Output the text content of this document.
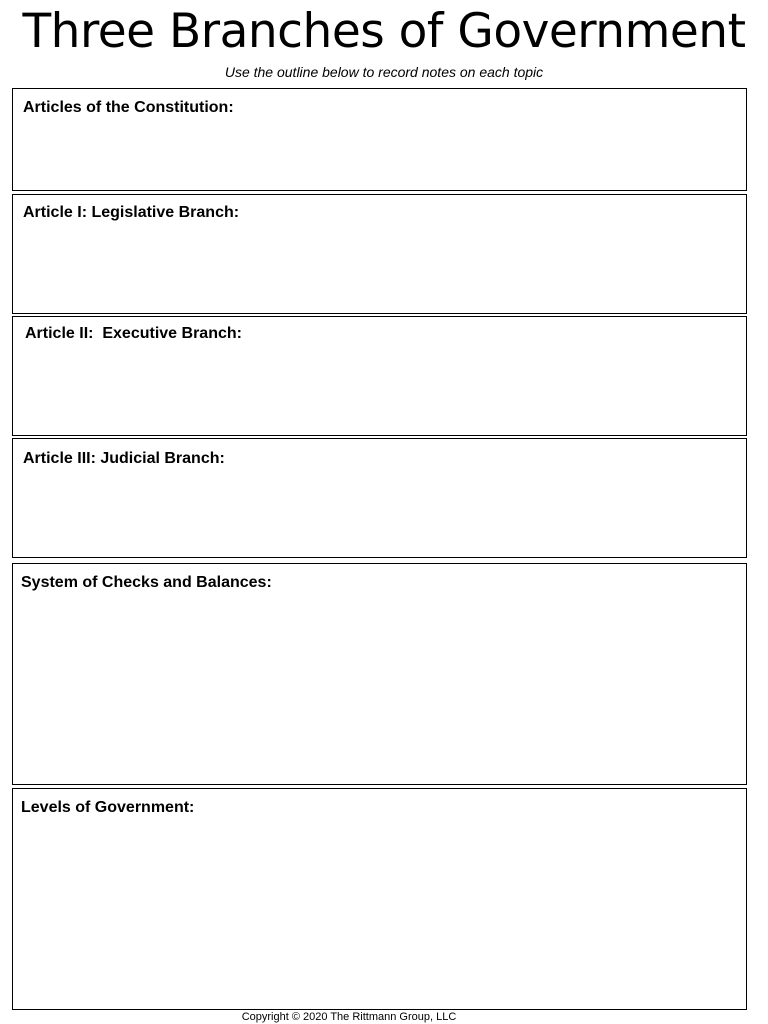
Three Branches of Government
Use the outline below to record notes on each topic
Articles of the Constitution:
Article I: Legislative Branch:
Article II:  Executive Branch:
Article III: Judicial Branch:
System of Checks and Balances:
Levels of Government:
Copyright © 2020 The Rittmann Group, LLC
